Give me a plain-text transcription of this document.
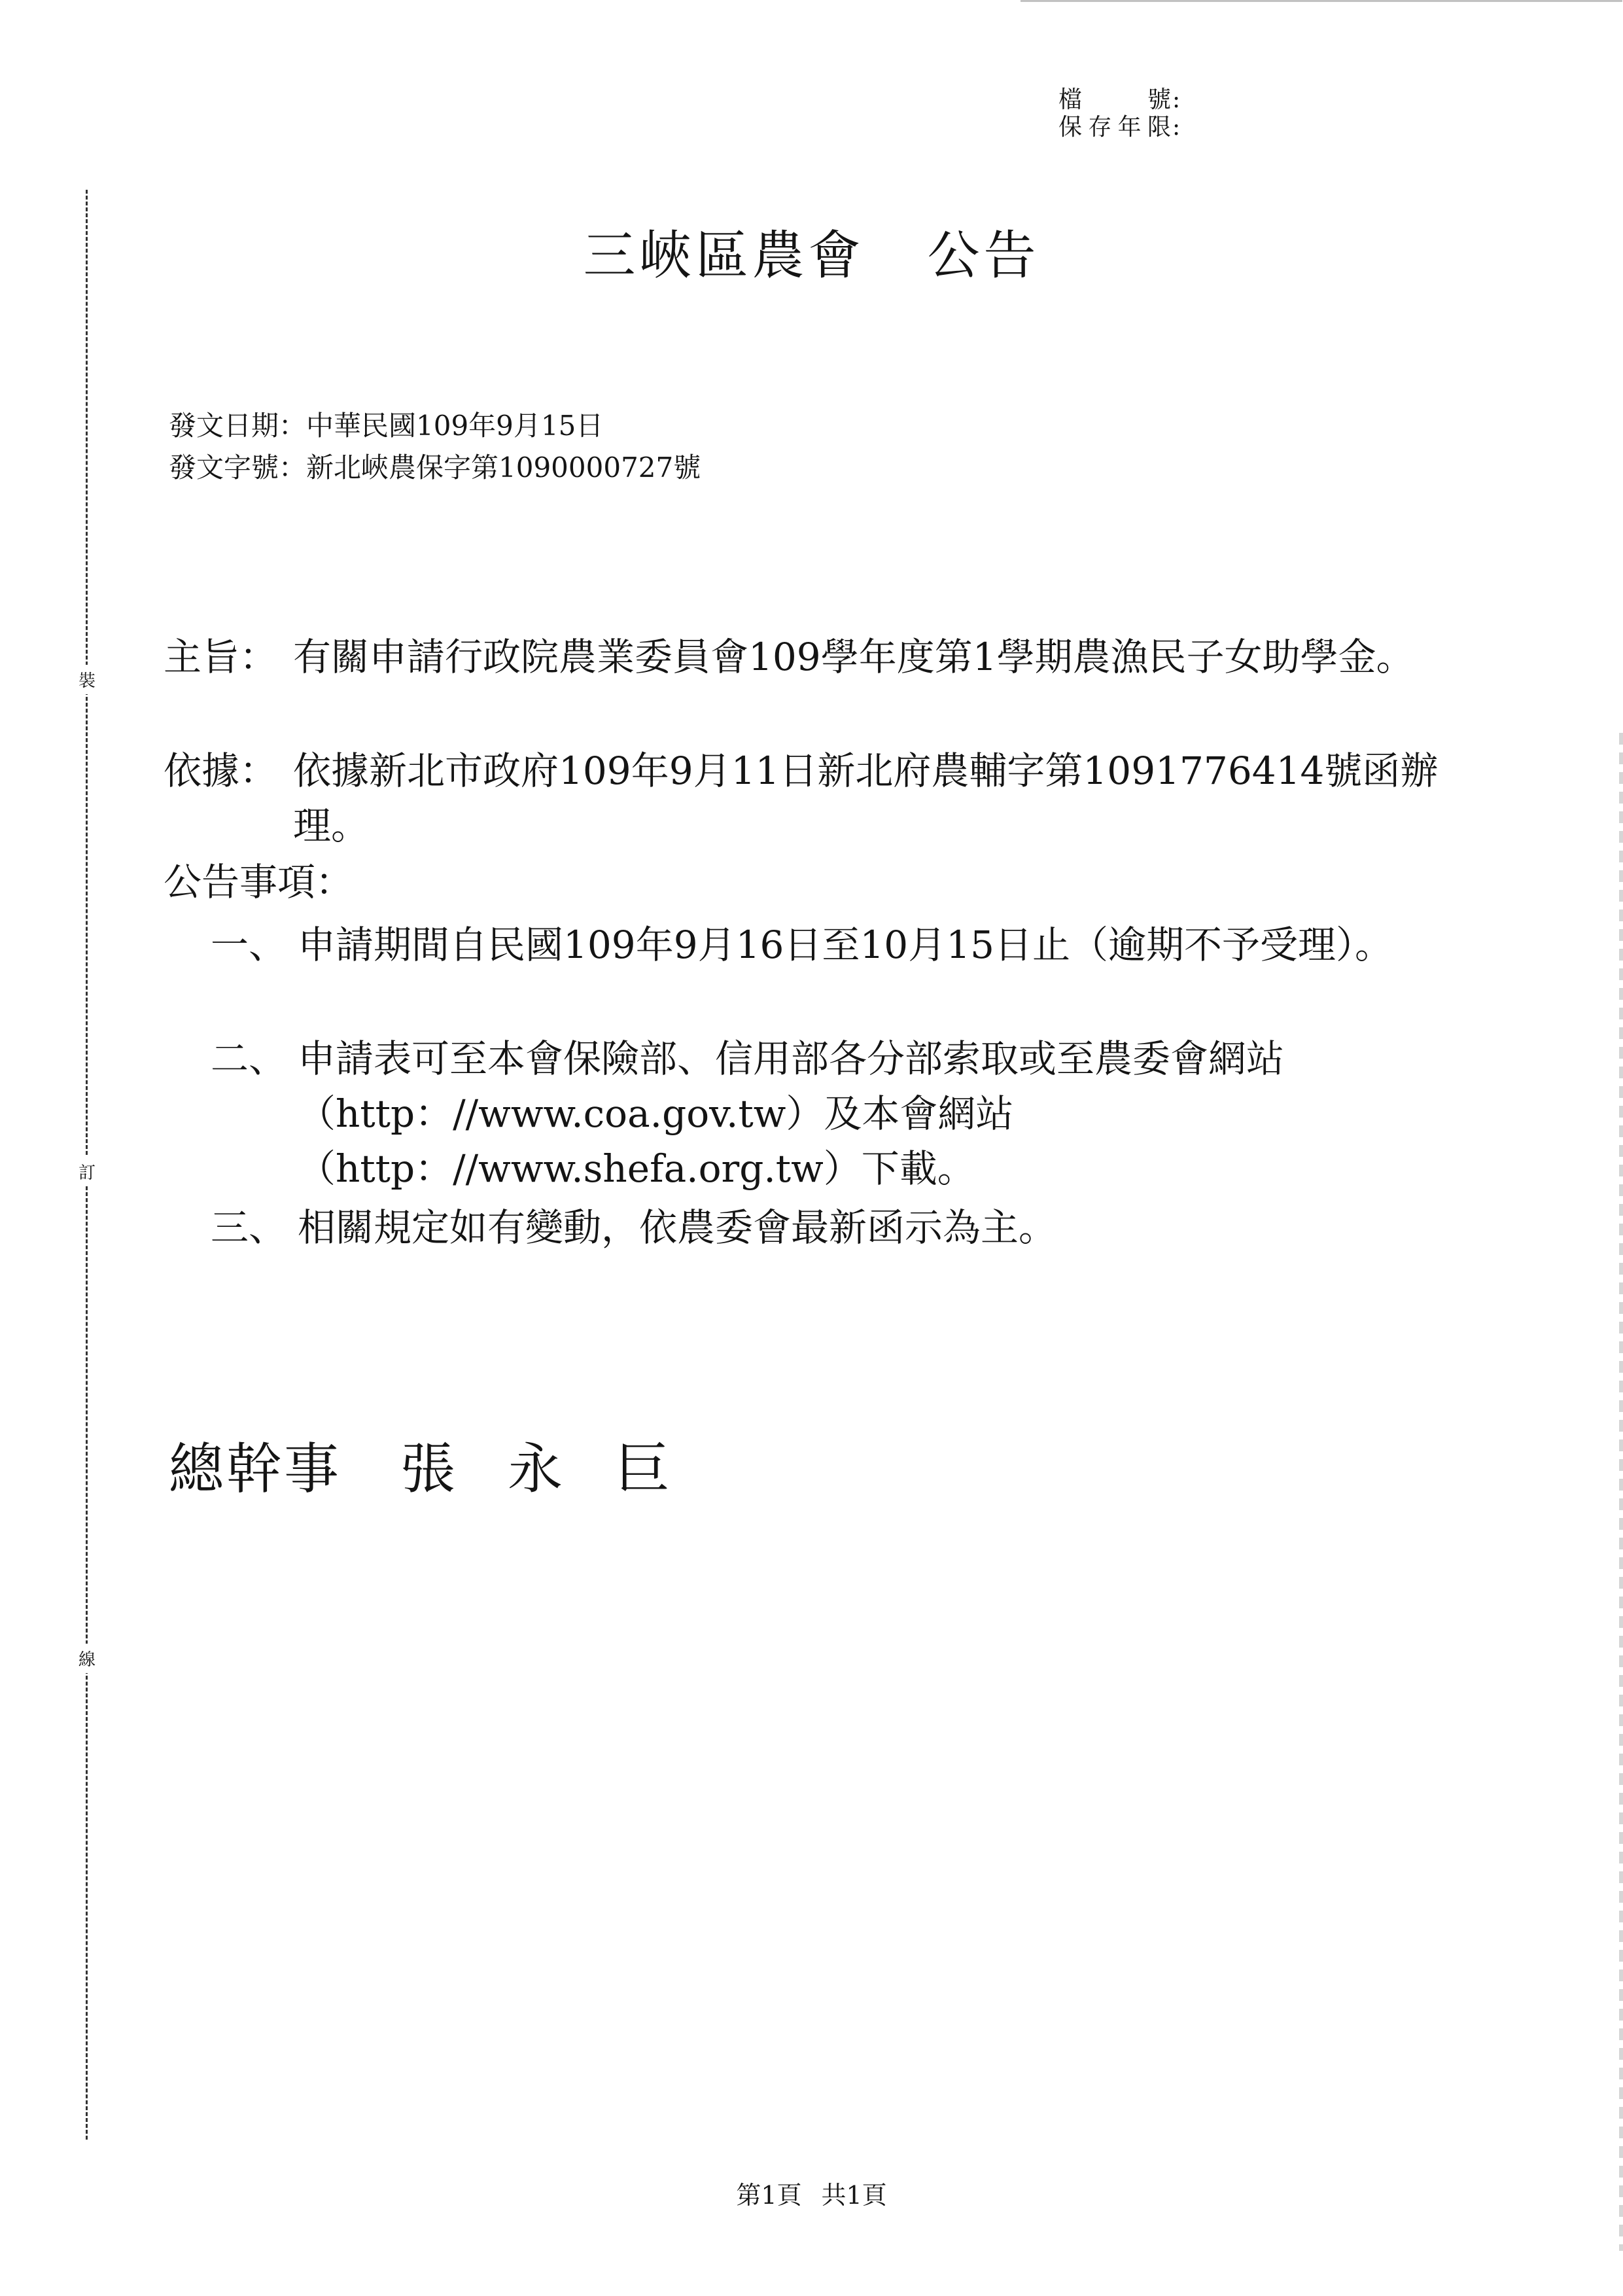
檔 號 :
保存年限 :
裝
訂
線
三峽區農會 公告
發文日期：中華民國109年9月15日
發文字號：新北峽農保字第1090000727號
主旨： 有關申請行政院農業委員會109學年度第1學期農漁民子女助學金。
依據： 依據新北市政府109年9月11日新北府農輔字第1091776414號函辦理。
公告事項：
一、 申請期間自民國109年9月16日至10月15日止（逾期不予受理）。
二、 申請表可至本會保險部、信用部各分部索取或至農委會網站（http：//www.coa.gov.tw）及本會網站（http：//www.shefa.org.tw）下載。
三、 相關規定如有變動，依農委會最新函示為主。
總幹事 張 永 巨
第1頁 共1頁
